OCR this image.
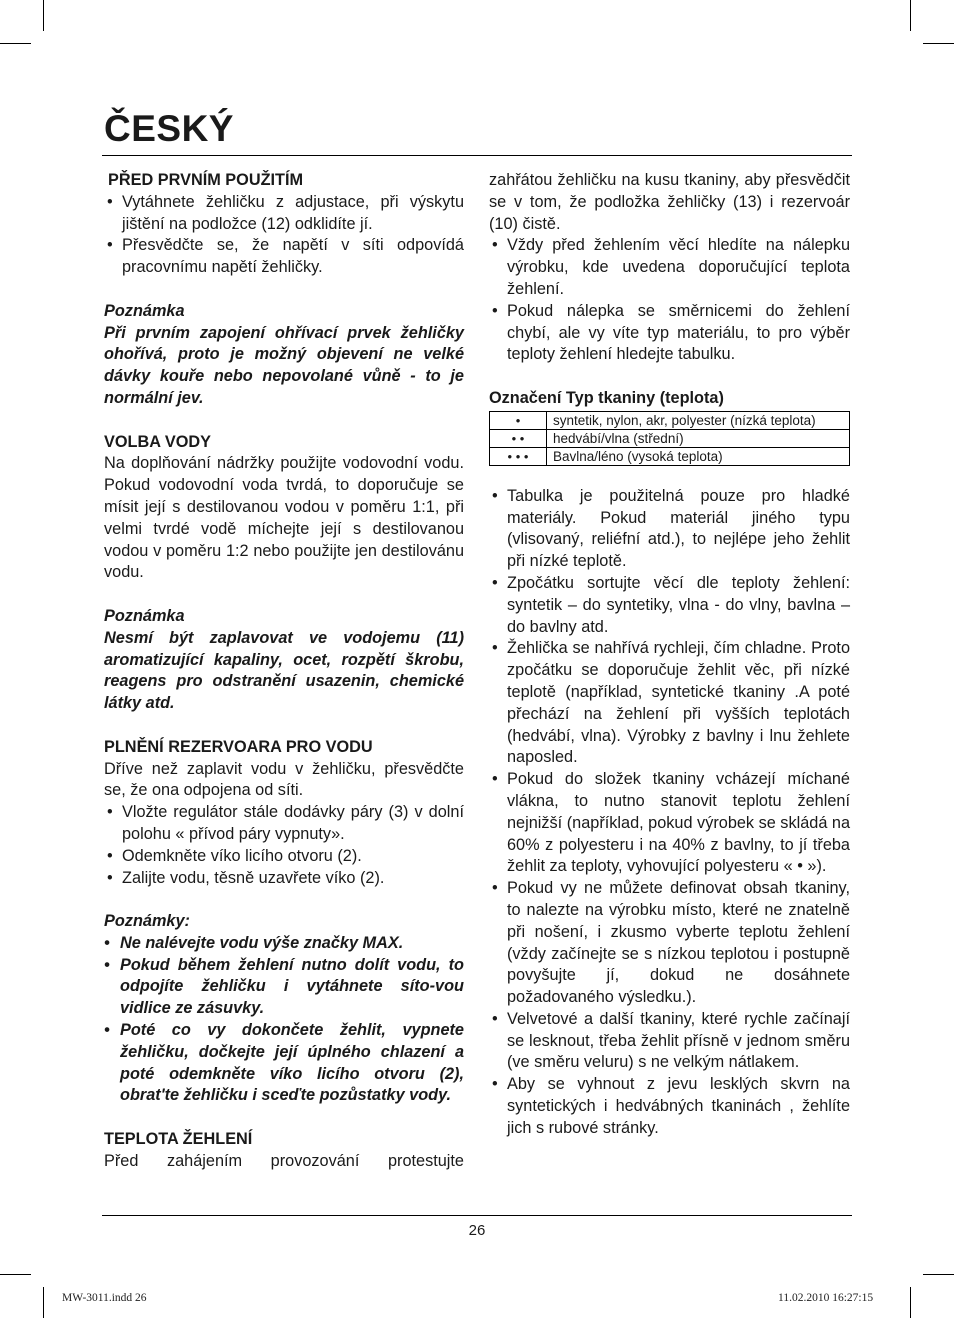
ČESKÝ

PŘED PRVNÍM POUŽITÍM

• Vytáhnete žehličku z adjustace, při výskytu jištění na podložce (12) odklidíte jí.
• Přesvědčte se, že napětí v síti odpovídá pracovnímu napětí žehličky.

Poznámka

Při prvním zapojení ohřívací prvek žehličky ohořívá, proto je možný objevení ne velké dávky kouře nebo nepovolané vůně - to je normální jev.

VOLBA VODY

Na doplňování nádržky použijte vodovodní vodu. Pokud vodovodní voda tvrdá, to doporučuje se mísit její s destilovanou vodou v poměru 1:1, při velmi tvrdé vodě míchejte její s destilovanou vodou v poměru 1:2 nebo použijte jen destilovánu vodu.

Poznámka

Nesmí být zaplavovat ve vodojemu (11) aromatizující kapaliny, ocet, rozpětí škrobu, reagens pro odstranění usazenin, chemické látky atd.

PLNĚNÍ REZERVOARA PRO VODU

Dříve než zaplavit vodu v žehličku, přesvědčte se, že ona odpojena od síti.

• Vložte regulátor stále dodávky páry (3) v dolní polohu « přívod páry vypnuty».
• Odemkněte víko licího otvoru (2).
• Zalijte vodu, těsně uzavřete víko (2).

Poznámky:

• Ne nalévejte vodu výše značky MAX.
• Pokud během žehlení nutno dolít vodu, to odpojíte žehličku i vytáhnete síto-vou vidlice ze zásuvky.
• Poté co vy dokončete žehlit, vypnete žehličku, dočkejte její úplného chlazení a poté odemkněte víko licího otvoru (2), obrat'te žehličku i sceďte pozůstatky vody.

TEPLOTA ŽEHLENÍ

Před zahájením provozování protestujte

zahřátou žehličku na kusu tkaniny, aby přesvědčit se v tom, že podložka žehličky (13) i rezervoár (10) čistě.

• Vždy před žehlením věcí hledíte na nálepku výrobku, kde uvedena doporučující teplota žehlení.
• Pokud nálepka se směrnicemi do žehlení chybí, ale vy víte typ materiálu, to pro výběr teploty žehlení hledejte tabulku.

Označení Typ tkaniny (teplota)

•	syntetik, nylon, akr, polyester (nízká teplota)
• •	hedvábí/vlna (střední)
• • •	Bavlna/léno (vysoká teplota)
• Tabulka je použitelná pouze pro hladké materiály. Pokud materiál jiného typu (vlisovaný, reliéfní atd.), to nejlépe jeho žehlit při nízké teplotě.
• Zpočátku sortujte věcí dle teploty žehlení: syntetik – do syntetiky, vlna - do vlny, bavlna – do bavlny atd.
• Žehlička se nahřívá rychleji, čím chladne. Proto zpočátku se doporučuje žehlit věc, při nízké teplotě (například, syntetické tkaniny .A poté přechází na žehlení při vyšších teplotách (hedvábí, vlna). Výrobky z bavlny i lnu žehlete naposled.
• Pokud do složek tkaniny vcházejí míchané vlákna, to nutno stanovit teplotu žehlení nejnižší (například, pokud výrobek se skládá na 60% z polyesteru i na 40% z bavlny, to jí třeba žehlit za teploty, vyhovující polyesteru « • »).
• Pokud vy ne můžete definovat obsah tkaniny, to nalezte na výrobku místo, které ne znatelně při nošení, i zkusmo vyberte teplotu žehlení (vždy začínejte se s nízkou teplotou i postupně povyšujte jí, dokud ne dosáhnete požadovaného výsledku.).
• Velvetové a další tkaniny, které rychle začínají se lesknout, třeba žehlit přísně v jednom směru (ve směru veluru) s ne velkým nátlakem.
• Aby se vyhnout z jevu lesklých skvrn na syntetických i hedvábných tkaninách , žehlíte jich s rubové stránky.
26
MW-3011.indd 26	11.02.2010 16:27:15
